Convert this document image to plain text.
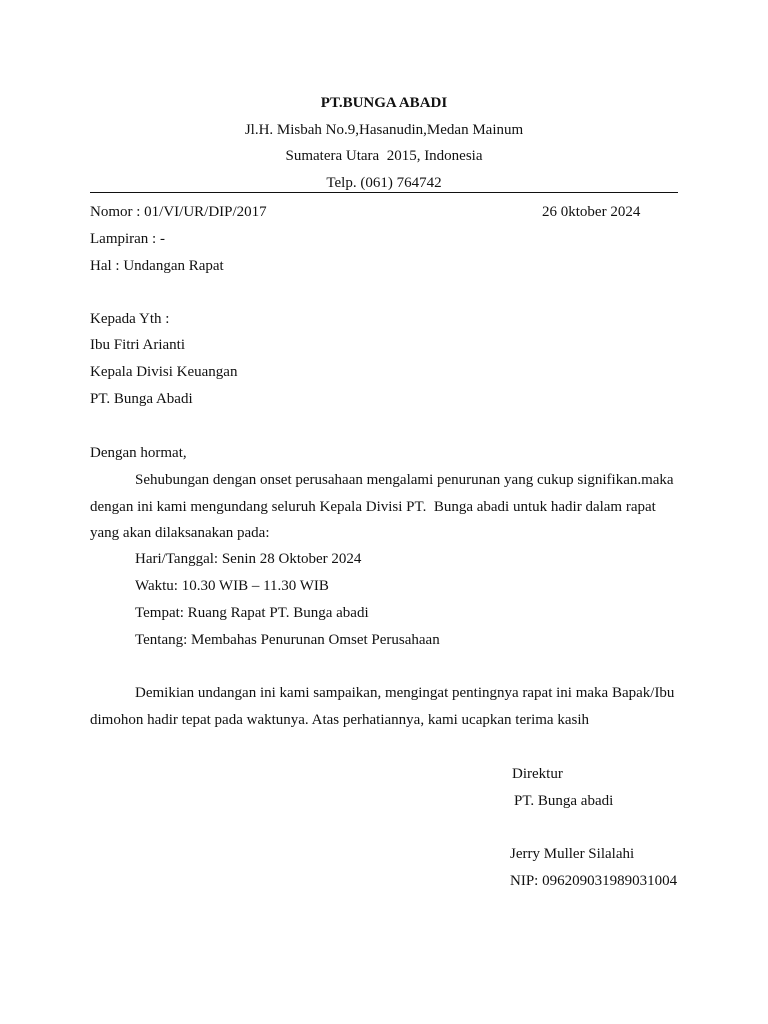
PT.BUNGA ABADI
Jl.H. Misbah No.9,Hasanudin,Medan Mainum
Sumatera Utara  2015, Indonesia
Telp. (061) 764742
Nomor : 01/VI/UR/DIP/2017	26 0ktober 2024
Lampiran : -
Hal : Undangan Rapat
Kepada Yth :
Ibu Fitri Arianti
Kepala Divisi Keuangan
PT. Bunga Abadi
Dengan hormat,
Sehubungan dengan onset perusahaan mengalami penurunan yang cukup signifikan.maka
dengan ini kami mengundang seluruh Kepala Divisi PT.  Bunga abadi untuk hadir dalam rapat
yang akan dilaksanakan pada:
Hari/Tanggal: Senin 28 Oktober 2024
Waktu: 10.30 WIB – 11.30 WIB
Tempat: Ruang Rapat PT. Bunga abadi
Tentang: Membahas Penurunan Omset Perusahaan
Demikian undangan ini kami sampaikan, mengingat pentingnya rapat ini maka Bapak/Ibu
dimohon hadir tepat pada waktunya. Atas perhatiannya, kami ucapkan terima kasih
Direktur
PT. Bunga abadi
Jerry Muller Silalahi
NIP: 096209031989031004
